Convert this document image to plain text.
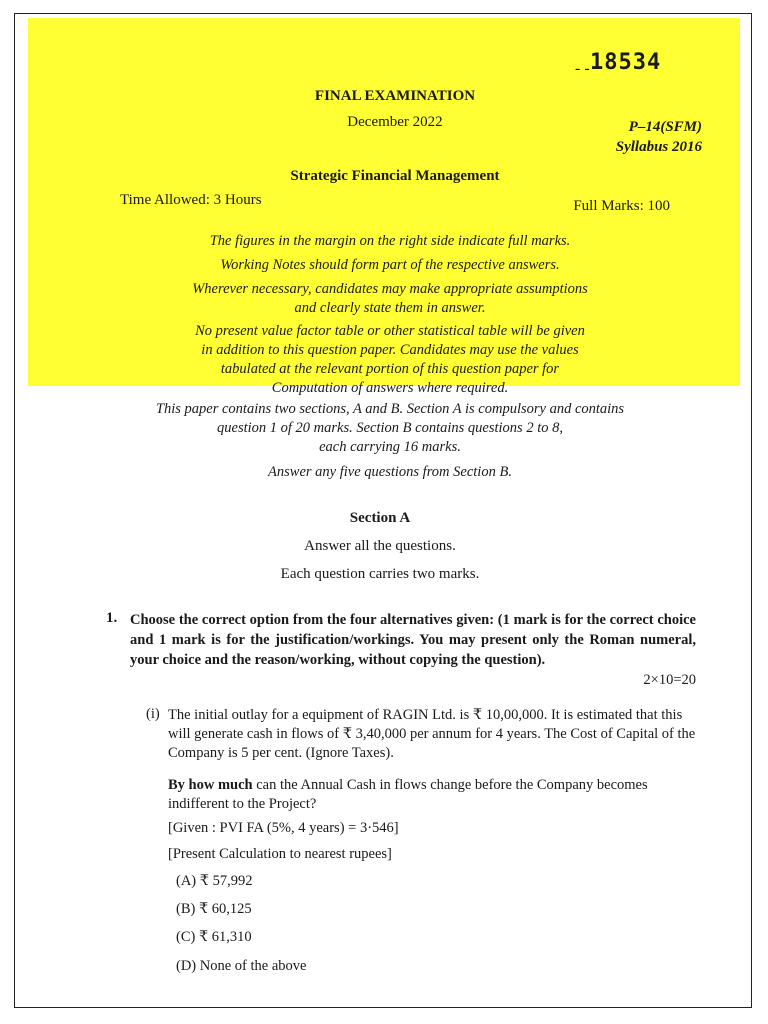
- - 18534
FINAL EXAMINATION
December 2022	P–14(SFM)
Syllabus 2016
Strategic Financial Management
Time Allowed: 3 Hours	Full Marks: 100
The figures in the margin on the right side indicate full marks.
Working Notes should form part of the respective answers.
Wherever necessary, candidates may make appropriate assumptions
and clearly state them in answer.
No present value factor table or other statistical table will be given
in addition to this question paper. Candidates may use the values
tabulated at the relevant portion of this question paper for
Computation of answers where required.
This paper contains two sections, A and B. Section A is compulsory and contains
question 1 of 20 marks. Section B contains questions 2 to 8,
each carrying 16 marks.
Answer any five questions from Section B.
Section A
Answer all the questions.
Each question carries two marks.
1. Choose the correct option from the four alternatives given: (1 mark is for the correct choice and 1 mark is for the justification/workings. You may present only the Roman numeral, your choice and the reason/working, without copying the question).
2×10=20
(i) The initial outlay for a equipment of RAGIN Ltd. is ₹ 10,00,000. It is estimated that this will generate cash in flows of ₹ 3,40,000 per annum for 4 years. The Cost of Capital of the Company is 5 per cent. (Ignore Taxes).
By how much can the Annual Cash in flows change before the Company becomes indifferent to the Project?
[Given : PVI FA (5%, 4 years) = 3·546]
[Present Calculation to nearest rupees]
(A) ₹ 57,992
(B) ₹ 60,125
(C) ₹ 61,310
(D) None of the above
